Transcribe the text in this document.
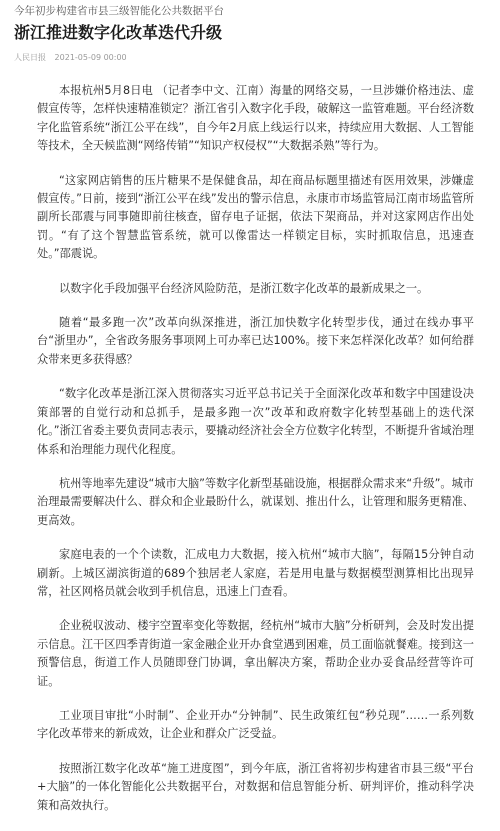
今年初步构建省市县三级智能化公共数据平台
浙江推进数字化改革迭代升级
人民日报 2021-05-09 00:00

本报杭州5月8日电 （记者李中文、江南）海量的网络交易，一旦涉嫌价格违法、虚假宣传等，怎样快速精准锁定？浙江省引入数字化手段，破解这一监管难题。平台经济数字化监管系统“浙江公平在线”，自今年2月底上线运行以来，持续应用大数据、人工智能等技术，全天候监测“网络传销”“知识产权侵权”“大数据杀熟”等行为。

“这家网店销售的压片糖果不是保健食品，却在商品标题里描述有医用效果，涉嫌虚假宣传。”日前，接到“浙江公平在线”发出的警示信息，永康市市场监管局江南市场监管所副所长邵震与同事随即前往核查，留存电子证据，依法下架商品，并对这家网店作出处罚。“有了这个智慧监管系统，就可以像雷达一样锁定目标，实时抓取信息，迅速查处。”邵震说。

以数字化手段加强平台经济风险防范，是浙江数字化改革的最新成果之一。

随着“最多跑一次”改革向纵深推进，浙江加快数字化转型步伐，通过在线办事平台“浙里办”，全省政务服务事项网上可办率已达100%。接下来怎样深化改革？如何给群众带来更多获得感？

“数字化改革是浙江深入贯彻落实习近平总书记关于全面深化改革和数字中国建设决策部署的自觉行动和总抓手，是最多跑一次”改革和政府数字化转型基础上的迭代深化。”浙江省委主要负责同志表示，要撬动经济社会全方位数字化转型，不断提升省域治理体系和治理能力现代化程度。

杭州等地率先建设“城市大脑”等数字化新型基础设施，根据群众需求来“升级”。城市治理最需要解决什么、群众和企业最盼什么，就谋划、推出什么，让管理和服务更精准、更高效。

家庭电表的一个个读数，汇成电力大数据，接入杭州“城市大脑”，每隔15分钟自动刷新。上城区湖滨街道的689个独居老人家庭，若是用电量与数据模型测算相比出现异常，社区网格员就会收到手机信息，迅速上门查看。

企业税収波动、楼宇空置率变化等数据，经杭州“城市大脑”分析研判，会及时发出提示信息。江干区四季青街道一家金融企业开办食堂遇到困难，员工面临就餐难。接到这一预警信息，街道工作人员随即登门协调，拿出解决方案，帮助企业办妥食品经营等许可证。

工业项目审批“小时制”、企业开办“分钟制”、民生政策红包“秒兑现”……一系列数字化改革带来的新成效，让企业和群众广泛受益。

按照浙江数字化改革“施工进度图”，到今年底，浙江省将初步构建省市县三级“平台+大脑”的一体化智能化公共数据平台，对数据和信息智能分析、研判评价，推动科学决策和高效执行。
